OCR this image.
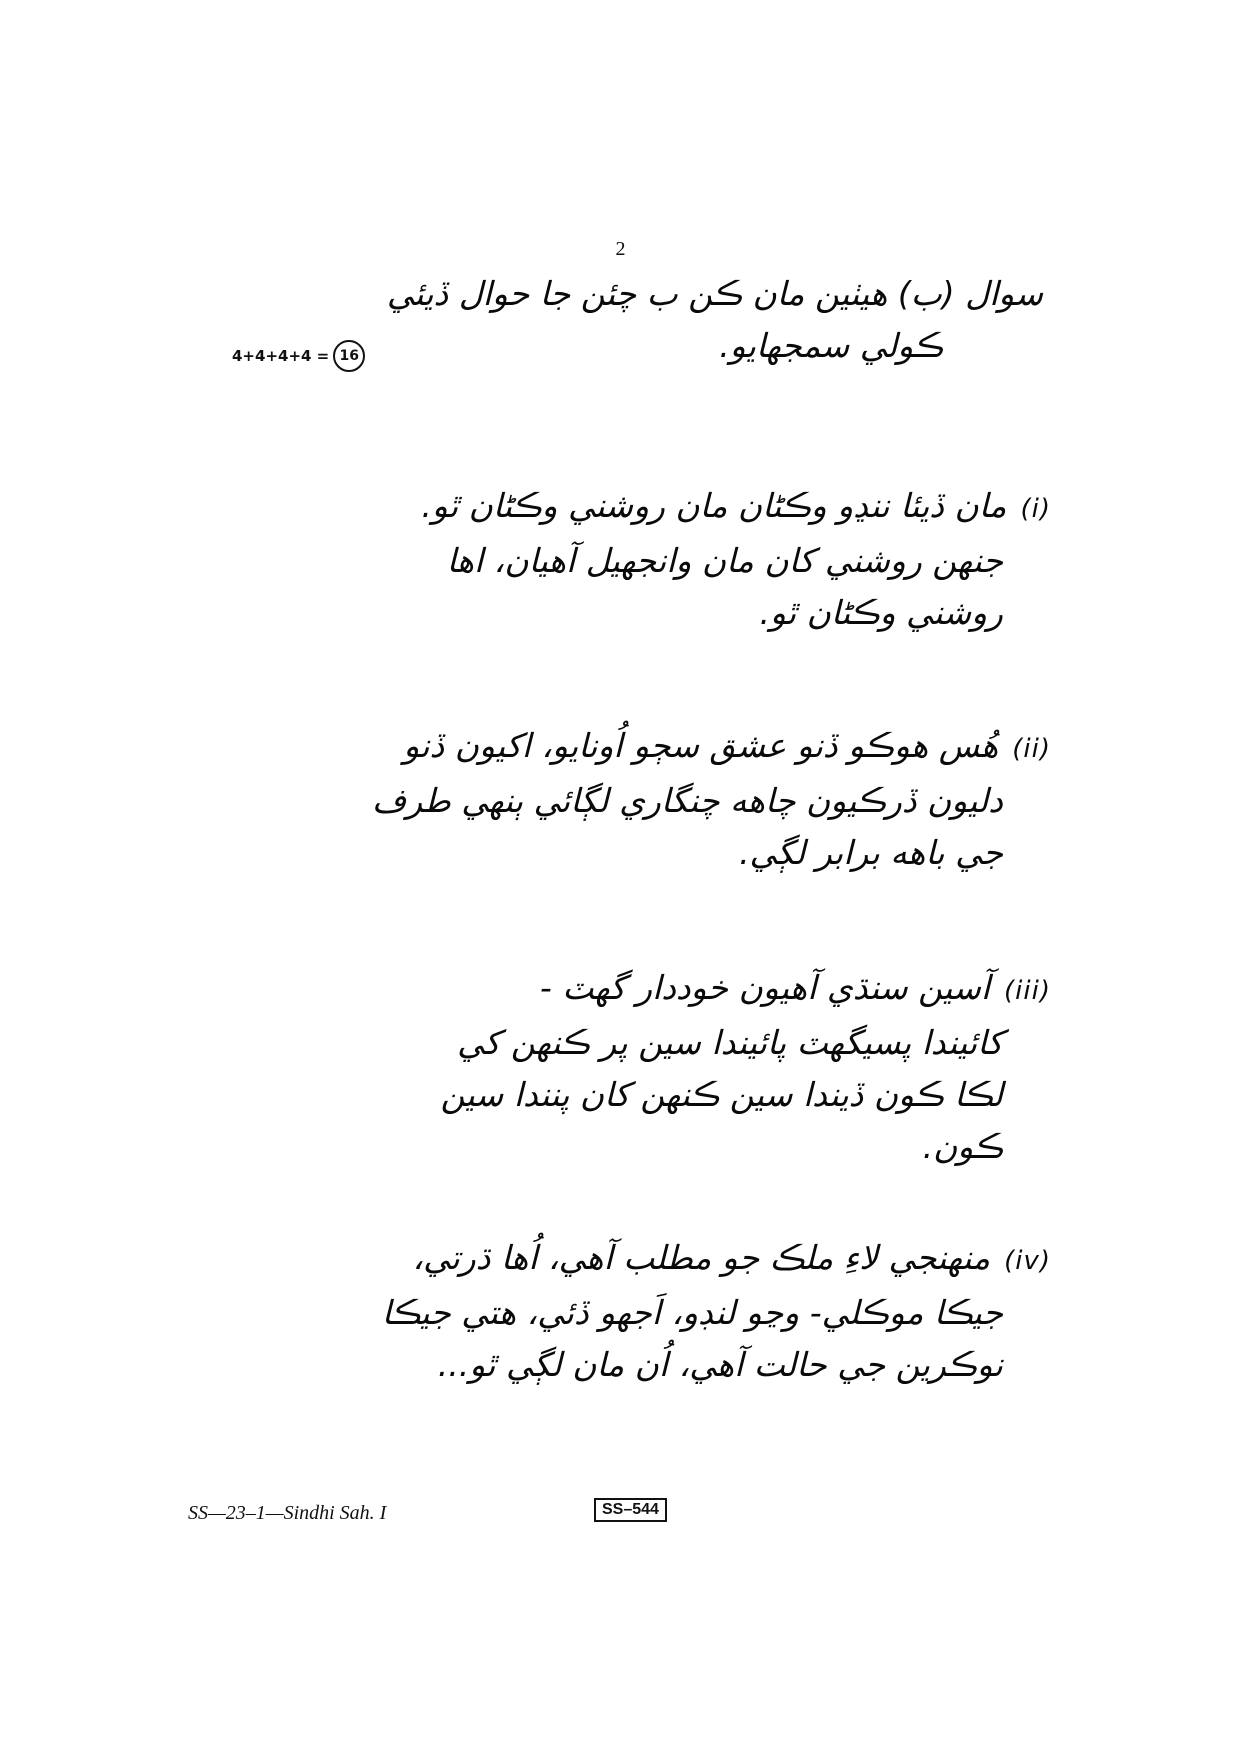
2
سوال (ب) هيٺين مان ڪن ب چئن جا حوال ڏيئي
ڪولي سمجهايو.
4+4+4+4 = 16
(i)مان ڏيئا ننڍو وڪڻان مان روشني وڪڻان ٿو.
جنهن روشني کان مان وانجهيل آهيان، اها
روشني وڪڻان ٿو.
(ii)هُس هوڪو ڏنو عشق سڄو اُونايو، اکيون ڏنو
دليون ڏرڪيون چاهه چنگاري لڳائي ٻنهي طرف
جي باهه برابر لڳي.
(iii)آسين سنڌي آهيون خوددار گهٽ -
کائيندا پسيگهٽ پائيندا سين پر ڪنهن کي
لڪا ڪون ڏيندا سين ڪنهن کان پنندا سين
ڪون.
(iv)منهنجي لاءِ ملڪ جو مطلب آهي، اُها ڌرتي،
جيڪا موڪلي- وڃو لنڊو، اَجهو ڏئي، هتي جيڪا
نوڪرين جي حالت آهي، اُن مان لڳي ٿو...
SS—23–1—Sindhi Sah. I	SS–544
